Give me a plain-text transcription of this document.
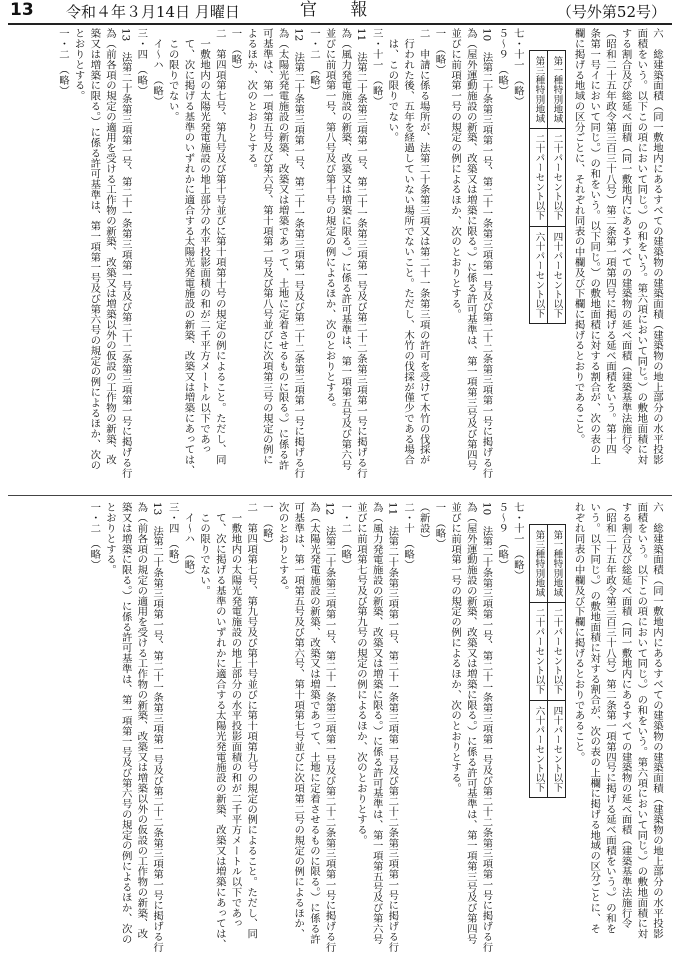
13 令和４年３月14日 月曜日	官 報	（号外第52号）
六　総建築面積（同一敷地内にあるすべての建築物の建築面積（建築物の地上部分の水平投影
面積をいう。以下この項において同じ。）の和をいう。第六項において同じ。）の敷地面積に対
する割合及び総延べ面積（同一敷地内にあるすべての建築物の延べ面積（建築基準法施行令
（昭和二十五年政令第三百三十八号）第二条第一項第四号に掲げる延べ面積をいう。第十四
条第一号イにおいて同じ。）の和をいう。以下同じ。）の敷地面積に対する割合が、次の表の上
欄に掲げる地域の区分ごとに、それぞれ同表の中欄及び下欄に掲げるとおりであること。
第一種特別地域	二十パーセント以下	四十パーセント以下
第三種特別地域	二十パーセント以下	六十パーセント以下
七・十一　（略）
５～９　（略）
10　法第二十条第三項第一号、第二十一条第三項第一号及び第二十二条第三項第一号に掲げる行
為（屋外運動施設の新築、改築又は増築に限る。）に係る許可基準は、第一項第三号及び第四号
並びに前項第一号の規定の例によるほか、次のとおりとする。
一　（略）
二　申請に係る場所が、法第二十条第三項又は第二十一条第三項の許可を受けて木竹の伐採が
　行われた後、五年を経過していない場所でないこと。ただし、木竹の伐採が僅少である場合
　は、この限りでない。
三・十一　（略）
11　法第二十条第三項第一号、第二十一条第三項第一号及び第二十二条第三項第一号に掲げる行
為（風力発電施設の新築、改築又は増築に限る。）に係る許可基準は、第一項第五号及び第六号
並びに前項第一号、第八号及び第十号の規定の例によるほか、次のとおりとする。
一・二　（略）
12　法第二十条第三項第一号、第二十一条第三項第一号及び第二十二条第三項第一号に掲げる行
為（太陽光発電施設の新築、改築又は増築であって、土地に定着させるものに限る。）に係る許
可基準は、第一項第五号及び第六号、第十項第一号及び第八号並びに次項第三号の規定の例に
よるほか、次のとおりとする。
一　（略）
二　第四項第七号、第九号及び第十号並びに第十項第十号の規定の例によること。ただし、同
　一敷地内の太陽光発電施設の地上部分の水平投影面積の和が二千平方メートル以下であっ
　て、次に掲げる基準のいずれかに適合する太陽光発電施設の新築、改築又は増築にあっては、
　この限りでない。
　イ～ハ　（略）
三・四　（略）
13　法第二十条第三項第一号、第二十一条第三項第一号及び第二十二条第三項第一号に掲げる行
為（前各項の規定の適用を受ける工作物の新築、改築又は増築以外の仮設の工作物の新築、改
築又は増築に限る。）に係る許可基準は、第一項第一号及び第六号の規定の例によるほか、次の
とおりとする。
一・二　（略）
六　総建築面積（同一敷地内にあるすべての建築物の建築面積（建築物の地上部分の水平投影
面積をいう。以下この項において同じ。）の和をいう。第六項において同じ。）の敷地面積に対
する割合及び総延べ面積（同一敷地内にあるすべての建築物の延べ面積（建築基準法施行令
（昭和二十五年政令第三百三十八号）第二条第一項第四号に掲げる延べ面積をいう。）の和を
いう。以下同じ。）の敷地面積に対する割合が、次の表の上欄に掲げる地域の区分ごとに、そ
れぞれ同表の中欄及び下欄に掲げるとおりであること。
第一種特別地域	二十パーセント以下	四十パーセント以下
第三種特別地域	二十パーセント以下	六十パーセント以下
七・十一　（略）
５～９　（略）
10　法第二十条第三項第一号、第二十一条第三項第一号及び第二十二条第三項第一号に掲げる行
為（屋外運動施設の新築、改築又は増築に限る。）に係る許可基準は、第一項第三号及び第四号
並びに前項第一号の規定の例によるほか、次のとおりとする。
一　（略）
（新設）
二・十　（略）
11　法第二十条第三項第一号、第二十一条第三項第一号及び第二十二条第三項第一号に掲げる行
為（風力発電施設の新築、改築又は増築に限る。）に係る許可基準は、第一項第五号及び第六号
並びに前項第七号及び第九号の規定の例によるほか、次のとおりとする。
一・二　（略）
12　法第二十条第三項第一号、第二十一条第三項第一号及び第二十二条第三項第一号に掲げる行
為（太陽光発電施設の新築、改築又は増築であって、土地に定着させるものに限る。）に係る許
可基準は、第一項第五号及び第六号、第十項第七号並びに次項第二号の規定の例によるほか、
次のとおりとする。
一　（略）
二　第四項第七号、第九号及び第十号並びに第十項第九号の規定の例によること。ただし、同
　一敷地内の太陽光発電施設の地上部分の水平投影面積の和が二千平方メートル以下であっ
　て、次に掲げる基準のいずれかに適合する太陽光発電施設の新築、改築又は増築にあっては、
　この限りでない。
　イ～ハ　（略）
三・四　（略）
13　法第二十条第三項第一号、第二十一条第三項第一号及び第二十二条第三項第一号に掲げる行
為（前各項の規定の適用を受ける工作物の新築、改築又は増築以外の仮設の工作物の新築、改
築又は増築に限る。）に係る許可基準は、第一項第一号及び第六号の規定の例によるほか、次の
とおりとする。
一・二　（略）
